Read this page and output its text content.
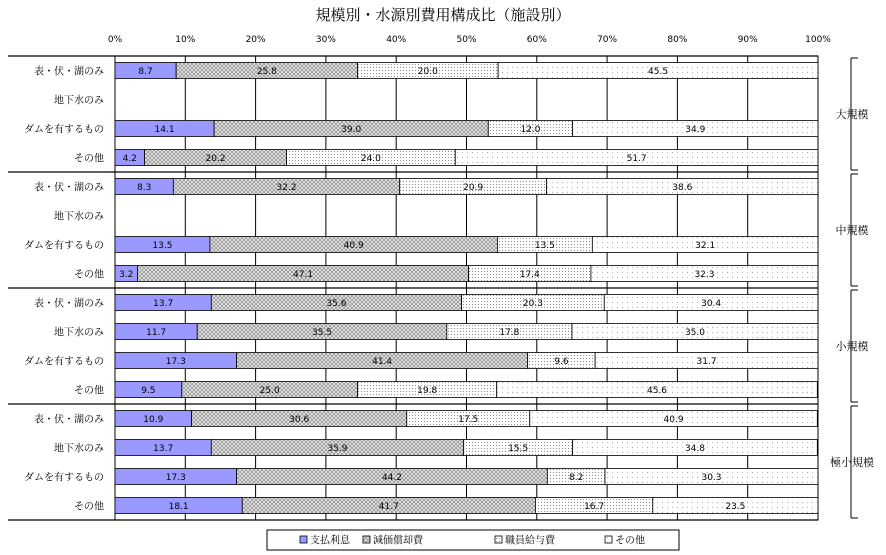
規模別・水源別費用構成比（施設別）
0%	10%	20%	30%	40%	50%	60%	70%	80%	90%	100%
大規模
中規模
小規模
極小規模
表・伏・湖のみ	8.7	25.8	20.0	45.5
地下水のみ
ダムを有するもの	14.1	39.0	12.0	34.9
その他 4.2	20.2	24.0	51.7
表・伏・湖のみ	8.3	32.2	20.9	38.6
地下水のみ
ダムを有するもの	13.5	40.9	13.5	32.1
その他 3.2	47.1	17.4	32.3
表・伏・湖のみ	13.7	35.6	20.3	30.4
地下水のみ	11.7	35.5	17.8	35.0
ダムを有するもの	17.3	41.4	9.6	31.7
その他	9.5	25.0	19.8	45.6
表・伏・湖のみ	10.9	30.6	17.5	40.9
地下水のみ	13.7	35.9	15.5	34.8
ダムを有するもの	17.3	44.2	8.2	30.3
その他	18.1	41.7	16.7	23.5
支払利息 減価償却費	職員給与費	その他
